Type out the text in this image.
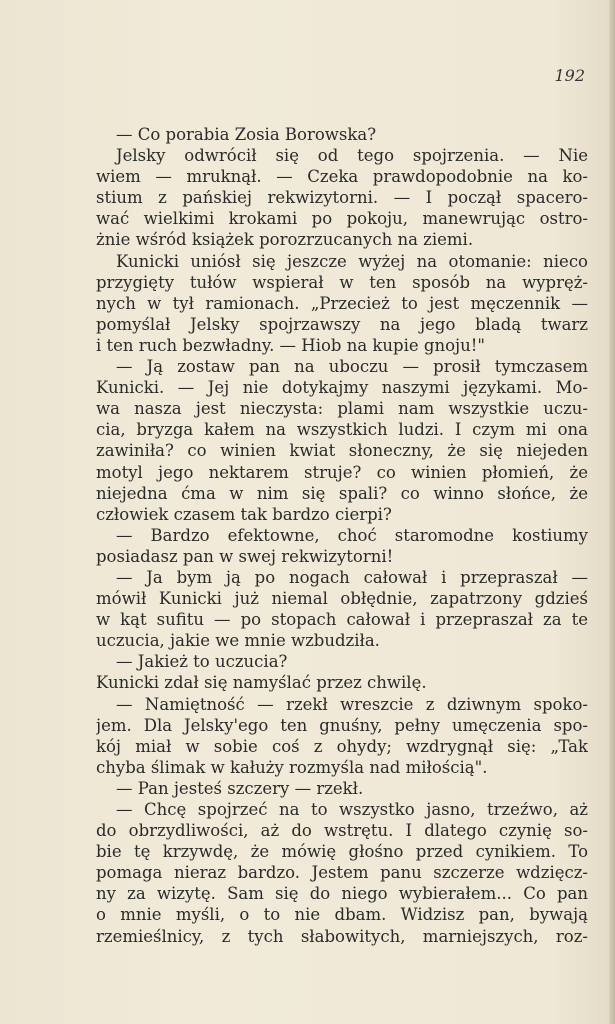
192
— Co porabia Zosia Borowska?
Jelsky odwrócił się od tego spojrzenia. — Nie
wiem — mruknął. — Czeka prawdopodobnie na ko-
stium z pańskiej rekwizytorni. — I począł spacero-
wać wielkimi krokami po pokoju, manewrując ostro-
żnie wśród książek porozrzucanych na ziemi.
Kunicki uniósł się jeszcze wyżej na otomanie: nieco
przygięty tułów wspierał w ten sposób na wypręż-
nych w tył ramionach. „Przecież to jest męczennik —
pomyślał Jelsky spojrzawszy na jego bladą twarz
i ten ruch bezwładny. — Hiob na kupie gnoju!"
— Ją zostaw pan na uboczu — prosił tymczasem
Kunicki. — Jej nie dotykajmy naszymi językami. Mo-
wa nasza jest nieczysta: plami nam wszystkie uczu-
cia, bryzga kałem na wszystkich ludzi. I czym mi ona
zawiniła? co winien kwiat słoneczny, że się niejeden
motyl jego nektarem struje? co winien płomień, że
niejedna ćma w nim się spali? co winno słońce, że
człowiek czasem tak bardzo cierpi?
— Bardzo efektowne, choć staromodne kostiumy
posiadasz pan w swej rekwizytorni!
— Ja bym ją po nogach całował i przepraszał —
mówił Kunicki już niemal obłędnie, zapatrzony gdzieś
w kąt sufitu — po stopach całował i przepraszał za te
uczucia, jakie we mnie wzbudziła.
— Jakież to uczucia?
Kunicki zdał się namyślać przez chwilę.
— Namiętność — rzekł wreszcie z dziwnym spoko-
jem. Dla Jelsky'ego ten gnuśny, pełny umęczenia spo-
kój miał w sobie coś z ohydy; wzdrygnął się: „Tak
chyba ślimak w kałuży rozmyśla nad miłością".
— Pan jesteś szczery — rzekł.
— Chcę spojrzeć na to wszystko jasno, trzeźwo, aż
do obrzydliwości, aż do wstrętu. I dlatego czynię so-
bie tę krzywdę, że mówię głośno przed cynikiem. To
pomaga nieraz bardzo. Jestem panu szczerze wdzięcz-
ny za wizytę. Sam się do niego wybierałem... Co pan
o mnie myśli, o to nie dbam. Widzisz pan, bywają
rzemieślnicy, z tych słabowitych, marniejszych, roz-
